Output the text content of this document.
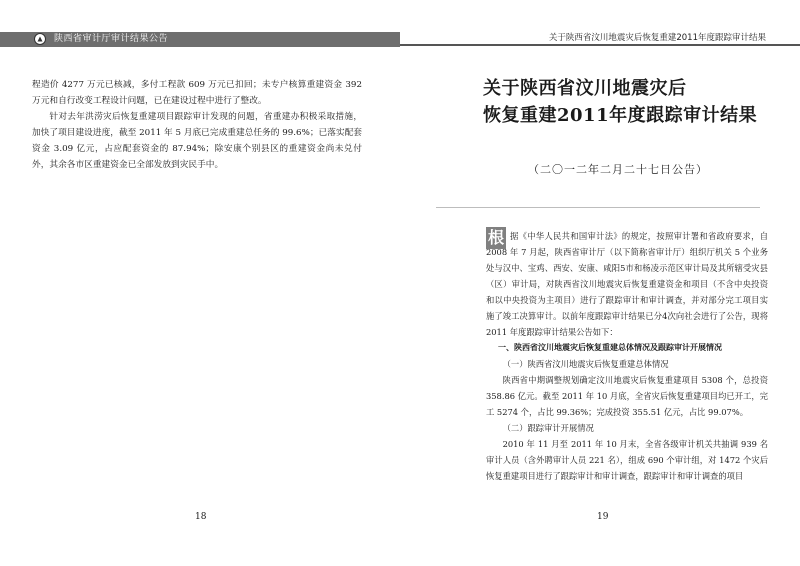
陕西省审计厅审计结果公告	关于陕西省汶川地震灾后恢复重建2011年度跟踪审计结果

程造价 4277 万元已核减，多付工程款 609 万元已扣回；未专户核算重建资金 392 万元和自行改变工程设计问题，已在建设过程中进行了整改。

针对去年洪涝灾后恢复重建项目跟踪审计发现的问题，省重建办积极采取措施，加快了项目建设进度，截至 2011 年 5 月底已完成重建总任务的 99.6%；已落实配套资金 3.09 亿元，占应配套资金的 87.94%；除安康个别县区的重建资金尚未兑付外，其余各市区重建资金已全部发放到灾民手中。

18
关于陕西省汶川地震灾后
恢复重建2011年度跟踪审计结果
（二〇一二年二月二十七日公告）
根 据《中华人民共和国审计法》的规定，按照审计署和省政府要求，自 2008 年 7 月起，陕西省审计厅（以下简称省审计厅）组织厅机关 5 个业务处与汉中、宝鸡、西安、安康、咸阳5市和杨凌示范区审计局及其所辖受灾县（区）审计局，对陕西省汶川地震灾后恢复重建资金和项目（不含中央投资和以中央投资为主项目）进行了跟踪审计和审计调查，并对部分完工项目实施了竣工决算审计。以前年度跟踪审计结果已分4次向社会进行了公告，现将 2011 年度跟踪审计结果公告如下：

一、陕西省汶川地震灾后恢复重建总体情况及跟踪审计开展情况

（一）陕西省汶川地震灾后恢复重建总体情况

陕西省中期调整规划确定汶川地震灾后恢复重建项目 5308 个，总投资 358.86 亿元。截至 2011 年 10 月底，全省灾后恢复重建项目均已开工，完工 5274 个，占比 99.36%；完成投资 355.51 亿元，占比 99.07%。

（二）跟踪审计开展情况

2010 年 11 月至 2011 年 10 月末，全省各级审计机关共抽调 939 名审计人员（含外聘审计人员 221 名），组成 690 个审计组，对 1472 个灾后恢复重建项目进行了跟踪审计和审计调查，跟踪审计和审计调查的项目

19
